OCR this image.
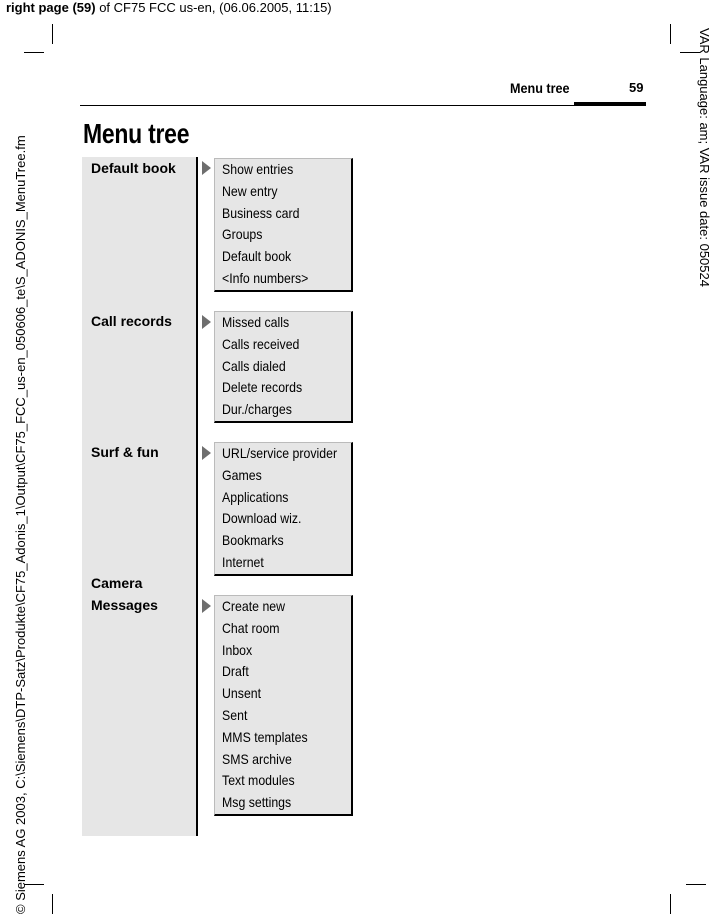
right page (59) of CF75 FCC us-en, (06.06.2005, 11:15)
VAR Language: am; VAR issue date: 050524
© Siemens AG 2003, C:\Siemens\DTP-Satz\Produkte\CF75_Adonis_1\Output\CF75_FCC_us-en_050606_te\S_ADONIS_MenuTree.fm
Menu tree	59
Menu tree
Default book	Show entries
New entry
Business card
Groups
Default book
<Info numbers>
Call records	Missed calls
Calls received
Calls dialed
Delete records
Dur./charges
Surf & fun	URL/service provider
Games
Applications
Download wiz.
Bookmarks
Internet
Camera
Messages	Create new
Chat room
Inbox
Draft
Unsent
Sent
MMS templates
SMS archive
Text modules
Msg settings
